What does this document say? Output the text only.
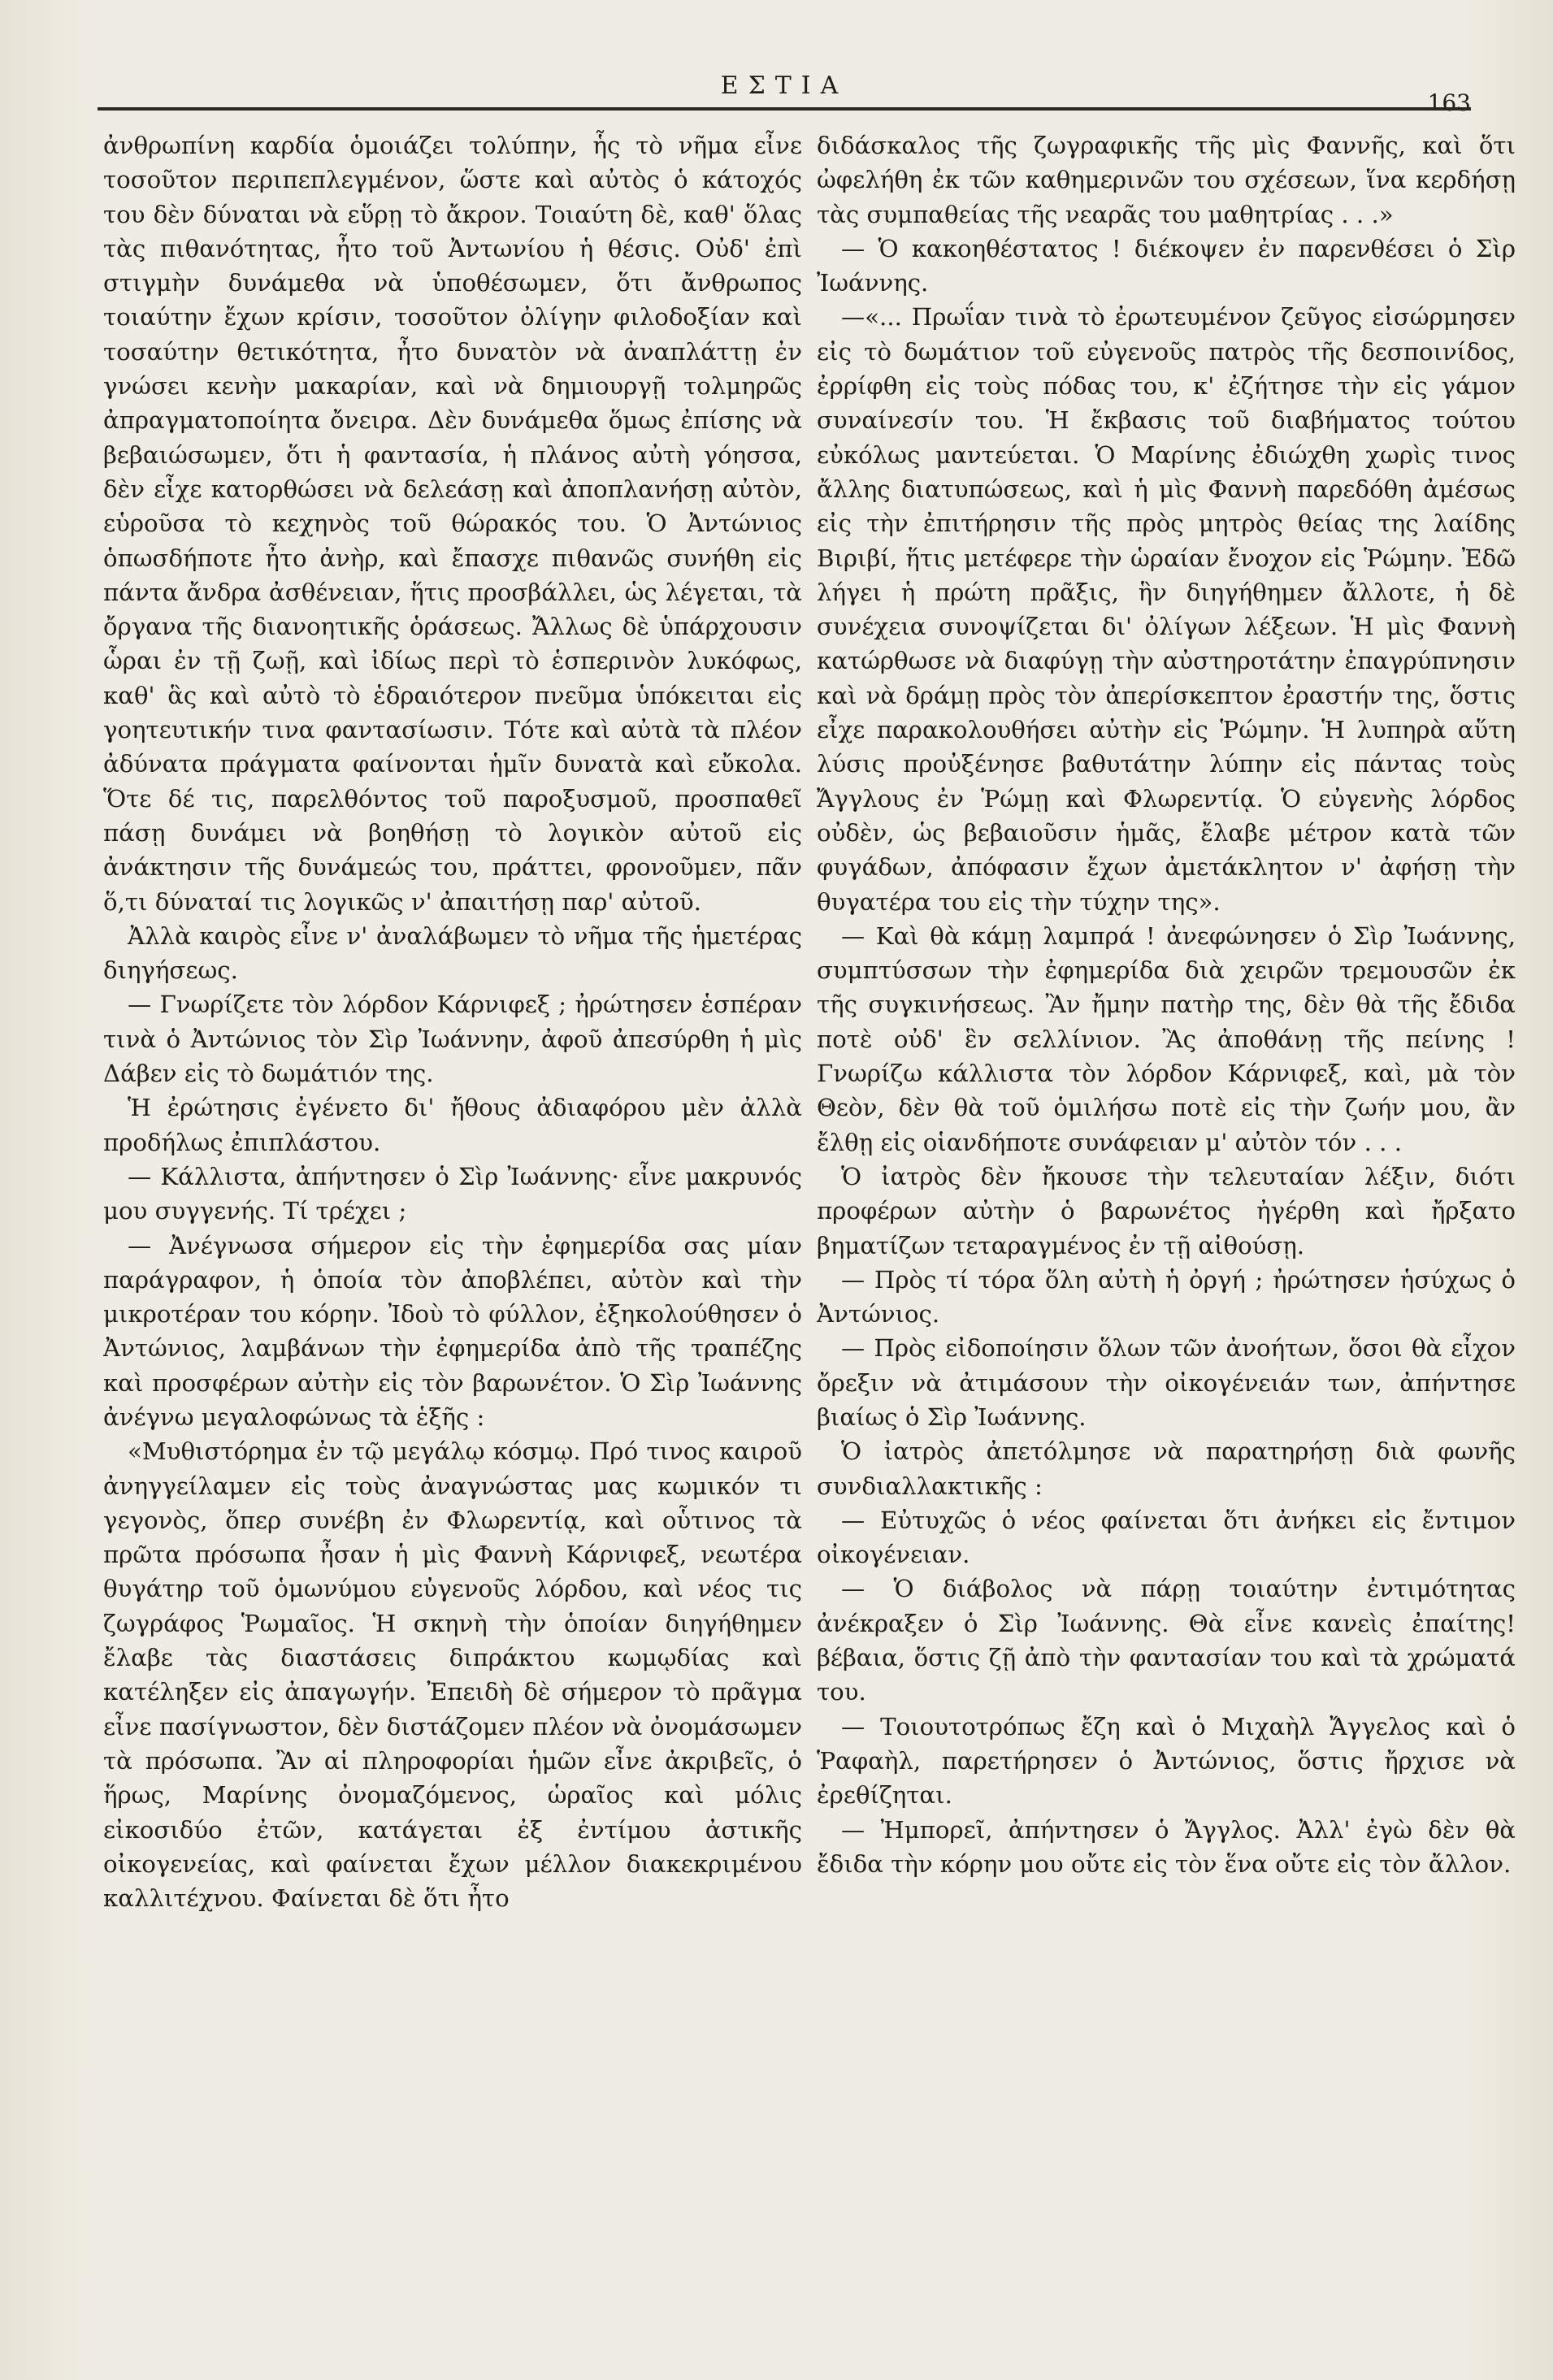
ΕΣΤΙΑ
163

ἀνθρωπίνη καρδία ὁμοιάζει τολύπην, ἧς τὸ νῆμα εἶνε τοσοῦτον περιπεπλεγμένον, ὥστε καὶ αὐτὸς ὁ κάτοχός του δὲν δύναται νὰ εὕρῃ τὸ ἄκρον. Τοιαύτη δὲ, καθ' ὅλας τὰς πιθανότητας, ἦτο τοῦ Ἀντωνίου ἡ θέσις. Οὐδ' ἐπὶ στιγμὴν δυνάμεθα νὰ ὑποθέσωμεν, ὅτι ἄνθρωπος τοιαύτην ἔχων κρίσιν, τοσοῦτον ὀλίγην φιλοδοξίαν καὶ τοσαύτην θετικότητα, ἦτο δυνατὸν νὰ ἀναπλάττῃ ἐν γνώσει κενὴν μακαρίαν, καὶ νὰ δημιουργῇ τολμηρῶς ἀπραγματοποίητα ὄνειρα. Δὲν δυνάμεθα ὅμως ἐπίσης νὰ βεβαιώσωμεν, ὅτι ἡ φαντασία, ἡ πλάνος αὐτὴ γόησσα, δὲν εἶχε κατορθώσει νὰ δελεάσῃ καὶ ἀποπλανήσῃ αὐτὸν, εὑροῦσα τὸ κεχηνὸς τοῦ θώρακός του. Ὁ Ἀντώνιος ὁπωσδήποτε ἦτο ἀνὴρ, καὶ ἔπασχε πιθανῶς συνήθη εἰς πάντα ἄνδρα ἀσθένειαν, ἥτις προσβάλλει, ὡς λέγεται, τὰ ὄργανα τῆς διανοητικῆς ὁράσεως. Ἄλλως δὲ ὑπάρχουσιν ὧραι ἐν τῇ ζωῇ, καὶ ἰδίως περὶ τὸ ἑσπερινὸν λυκόφως, καθ' ἃς καὶ αὐτὸ τὸ ἑδραιότερον πνεῦμα ὑπόκειται εἰς γοητευτικήν τινα φαντασίωσιν. Τότε καὶ αὐτὰ τὰ πλέον ἀδύνατα πράγματα φαίνονται ἡμῖν δυνατὰ καὶ εὔκολα. Ὅτε δέ τις, παρελθόντος τοῦ παροξυσμοῦ, προσπαθεῖ πάσῃ δυνάμει νὰ βοηθήσῃ τὸ λογικὸν αὐτοῦ εἰς ἀνάκτησιν τῆς δυνάμεώς του, πράττει, φρονοῦμεν, πᾶν ὅ,τι δύναταί τις λογικῶς ν' ἀπαιτήσῃ παρ' αὐτοῦ.

Ἀλλὰ καιρὸς εἶνε ν' ἀναλάβωμεν τὸ νῆμα τῆς ἡμετέρας διηγήσεως.

— Γνωρίζετε τὸν λόρδον Κάρνιφεξ ; ἠρώτησεν ἑσπέραν τινὰ ὁ Ἀντώνιος τὸν Σὶρ Ἰωάννην, ἀφοῦ ἀπεσύρθη ἡ μὶς Δάβεν εἰς τὸ δωμάτιόν της.

Ἡ ἐρώτησις ἐγένετο δι' ἤθους ἀδιαφόρου μὲν ἀλλὰ προδήλως ἐπιπλάστου.

— Κάλλιστα, ἀπήντησεν ὁ Σὶρ Ἰωάννης· εἶνε μακρυνός μου συγγενής. Τί τρέχει ;

— Ἀνέγνωσα σήμερον εἰς τὴν ἐφημερίδα σας μίαν παράγραφον, ἡ ὁποία τὸν ἀποβλέπει, αὐτὸν καὶ τὴν μικροτέραν του κόρην. Ἰδοὺ τὸ φύλλον, ἐξηκολούθησεν ὁ Ἀντώνιος, λαμβάνων τὴν ἐφημερίδα ἀπὸ τῆς τραπέζης καὶ προσφέρων αὐτὴν εἰς τὸν βαρωνέτον. Ὁ Σὶρ Ἰωάννης ἀνέγνω μεγαλοφώνως τὰ ἑξῆς :

«Μυθιστόρημα ἐν τῷ μεγάλῳ κόσμῳ. Πρό τινος καιροῦ ἀνηγγείλαμεν εἰς τοὺς ἀναγνώστας μας κωμικόν τι γεγονὸς, ὅπερ συνέβη ἐν Φλωρεντίᾳ, καὶ οὗτινος τὰ πρῶτα πρόσωπα ἦσαν ἡ μὶς Φαννὴ Κάρνιφεξ, νεωτέρα θυγάτηρ τοῦ ὁμωνύμου εὐγενοῦς λόρδου, καὶ νέος τις ζωγράφος Ῥωμαῖος. Ἡ σκηνὴ τὴν ὁποίαν διηγήθημεν ἔλαβε τὰς διαστάσεις διπράκτου κωμῳδίας καὶ κατέληξεν εἰς ἀπαγωγήν. Ἐπειδὴ δὲ σήμερον τὸ πρᾶγμα εἶνε πασίγνωστον, δὲν διστάζομεν πλέον νὰ ὀνομάσωμεν τὰ πρόσωπα. Ἂν αἱ πληροφορίαι ἡμῶν εἶνε ἀκριβεῖς, ὁ ἥρως, Μαρίνης ὀνομαζόμενος, ὡραῖος καὶ μόλις εἰκοσιδύο ἐτῶν, κατάγεται ἐξ ἐντίμου ἀστικῆς οἰκογενείας, καὶ φαίνεται ἔχων μέλλον διακεκριμένου καλλιτέχνου. Φαίνεται δὲ ὅτι ἦτο

διδάσκαλος τῆς ζωγραφικῆς τῆς μὶς Φαννῆς, καὶ ὅτι ὠφελήθη ἐκ τῶν καθημερινῶν του σχέσεων, ἵνα κερδήσῃ τὰς συμπαθείας τῆς νεαρᾶς του μαθητρίας . . .»

— Ὁ κακοηθέστατος ! διέκοψεν ἐν παρενθέσει ὁ Σὶρ Ἰωάννης.

—«... Πρωΐαν τινὰ τὸ ἐρωτευμένον ζεῦγος εἰσώρμησεν εἰς τὸ δωμάτιον τοῦ εὐγενοῦς πατρὸς τῆς δεσποινίδος, ἐρρίφθη εἰς τοὺς πόδας του, κ' ἐζήτησε τὴν εἰς γάμον συναίνεσίν του. Ἡ ἔκβασις τοῦ διαβήματος τούτου εὐκόλως μαντεύεται. Ὁ Μαρίνης ἐδιώχθη χωρὶς τινος ἄλλης διατυπώσεως, καὶ ἡ μὶς Φαννὴ παρεδόθη ἀμέσως εἰς τὴν ἐπιτήρησιν τῆς πρὸς μητρὸς θείας της λαίδης Βιριβί, ἥτις μετέφερε τὴν ὡραίαν ἔνοχον εἰς Ῥώμην. Ἐδῶ λήγει ἡ πρώτη πρᾶξις, ἣν διηγήθημεν ἄλλοτε, ἡ δὲ συνέχεια συνοψίζεται δι' ὀλίγων λέξεων. Ἡ μὶς Φαννὴ κατώρθωσε νὰ διαφύγῃ τὴν αὐστηροτάτην ἐπαγρύπνησιν καὶ νὰ δράμῃ πρὸς τὸν ἀπερίσκεπτον ἐραστήν της, ὅστις εἶχε παρακολουθήσει αὐτὴν εἰς Ῥώμην. Ἡ λυπηρὰ αὕτη λύσις προὐξένησε βαθυτάτην λύπην εἰς πάντας τοὺς Ἄγγλους ἐν Ῥώμῃ καὶ Φλωρεντίᾳ. Ὁ εὐγενὴς λόρδος οὐδὲν, ὡς βεβαιοῦσιν ἡμᾶς, ἔλαβε μέτρον κατὰ τῶν φυγάδων, ἀπόφασιν ἔχων ἀμετάκλητον ν' ἀφήσῃ τὴν θυγατέρα του εἰς τὴν τύχην της».

— Καὶ θὰ κάμῃ λαμπρά ! ἀνεφώνησεν ὁ Σὶρ Ἰωάννης, συμπτύσσων τὴν ἐφημερίδα διὰ χειρῶν τρεμουσῶν ἐκ τῆς συγκινήσεως. Ἂν ἤμην πατὴρ της, δὲν θὰ τῆς ἔδιδα ποτὲ οὐδ' ἓν σελλίνιον. Ἂς ἀποθάνῃ τῆς πείνης ! Γνωρίζω κάλλιστα τὸν λόρδον Κάρνιφεξ, καὶ, μὰ τὸν Θεὸν, δὲν θὰ τοῦ ὁμιλήσω ποτὲ εἰς τὴν ζωήν μου, ἂν ἔλθῃ εἰς οἱανδήποτε συνάφειαν μ' αὐτὸν τόν . . .

Ὁ ἰατρὸς δὲν ἤκουσε τὴν τελευταίαν λέξιν, διότι προφέρων αὐτὴν ὁ βαρωνέτος ἠγέρθη καὶ ἤρξατο βηματίζων τεταραγμένος ἐν τῇ αἰθούσῃ.

— Πρὸς τί τόρα ὅλη αὐτὴ ἡ ὀργή ; ἠρώτησεν ἡσύχως ὁ Ἀντώνιος.

— Πρὸς εἰδοποίησιν ὅλων τῶν ἀνοήτων, ὅσοι θὰ εἶχον ὄρεξιν νὰ ἀτιμάσουν τὴν οἰκογένειάν των, ἀπήντησε βιαίως ὁ Σὶρ Ἰωάννης.

Ὁ ἰατρὸς ἀπετόλμησε νὰ παρατηρήσῃ διὰ φωνῆς συνδιαλλακτικῆς :

— Εὐτυχῶς ὁ νέος φαίνεται ὅτι ἀνήκει εἰς ἔντιμον οἰκογένειαν.

— Ὁ διάβολος νὰ πάρῃ τοιαύτην ἐντιμότητας ἀνέκραξεν ὁ Σὶρ Ἰωάννης. Θὰ εἶνε κανεὶς ἐπαίτης! βέβαια, ὅστις ζῇ ἀπὸ τὴν φαντασίαν του καὶ τὰ χρώματά του.

— Τοιουτοτρόπως ἔζη καὶ ὁ Μιχαὴλ Ἄγγελος καὶ ὁ Ῥαφαὴλ, παρετήρησεν ὁ Ἀντώνιος, ὅστις ἤρχισε νὰ ἐρεθίζηται.

— Ἠμπορεῖ, ἀπήντησεν ὁ Ἄγγλος. Ἀλλ' ἐγὼ δὲν θὰ ἔδιδα τὴν κόρην μου οὔτε εἰς τὸν ἕνα οὔτε εἰς τὸν ἄλλον.
